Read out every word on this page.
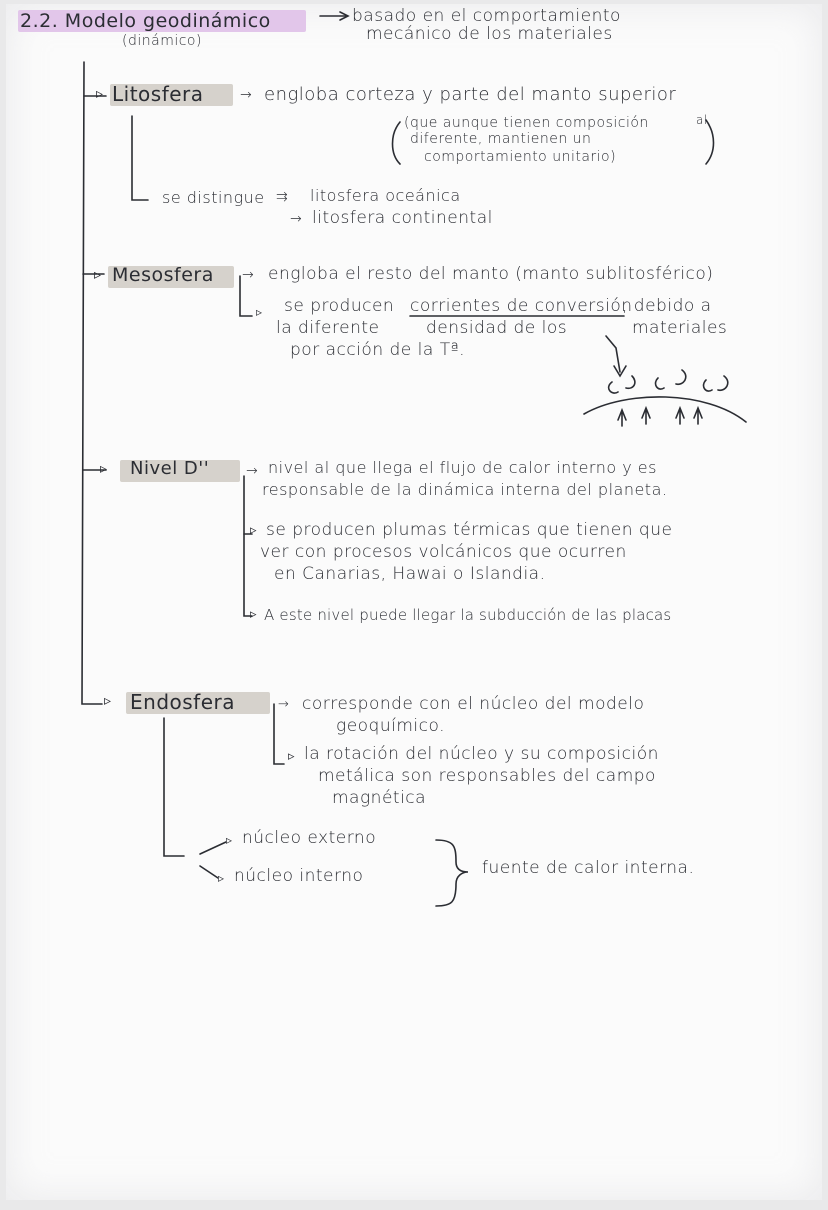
2.2. Modelo geodinámico
(dinámico)
basado en el comportamiento
mecánico de los materiales
▹ Litosfera	→ engloba corteza y parte del manto superior
(que aunque tienen composición	al
diferente, mantienen un
comportamiento unitario)
se distingue ⇉ litosfera oceánica
→ litosfera continental
▹ Mesosfera → engloba el resto del manto (manto sublitosférico)
▹ se producen corrientes de conversión
, debido a
la diferente	densidad de los	materiales
por acción de la Tª.
▹ Nivel D''	→ nivel al que llega el flujo de calor interno y es
responsable de la dinámica interna del planeta.
▹ se producen plumas térmicas que tienen que
ver con procesos volcánicos que ocurren
en Canarias, Hawai o Islandia.
▹ A este nivel puede llegar la subducción de las placas
▹ Endosfera	→ corresponde con el núcleo del modelo
geoquímico.
▹ la rotación del núcleo y su composición
metálica son responsables del campo
magnética
▹ núcleo externo
▹ núcleo interno	fuente de calor interna.
